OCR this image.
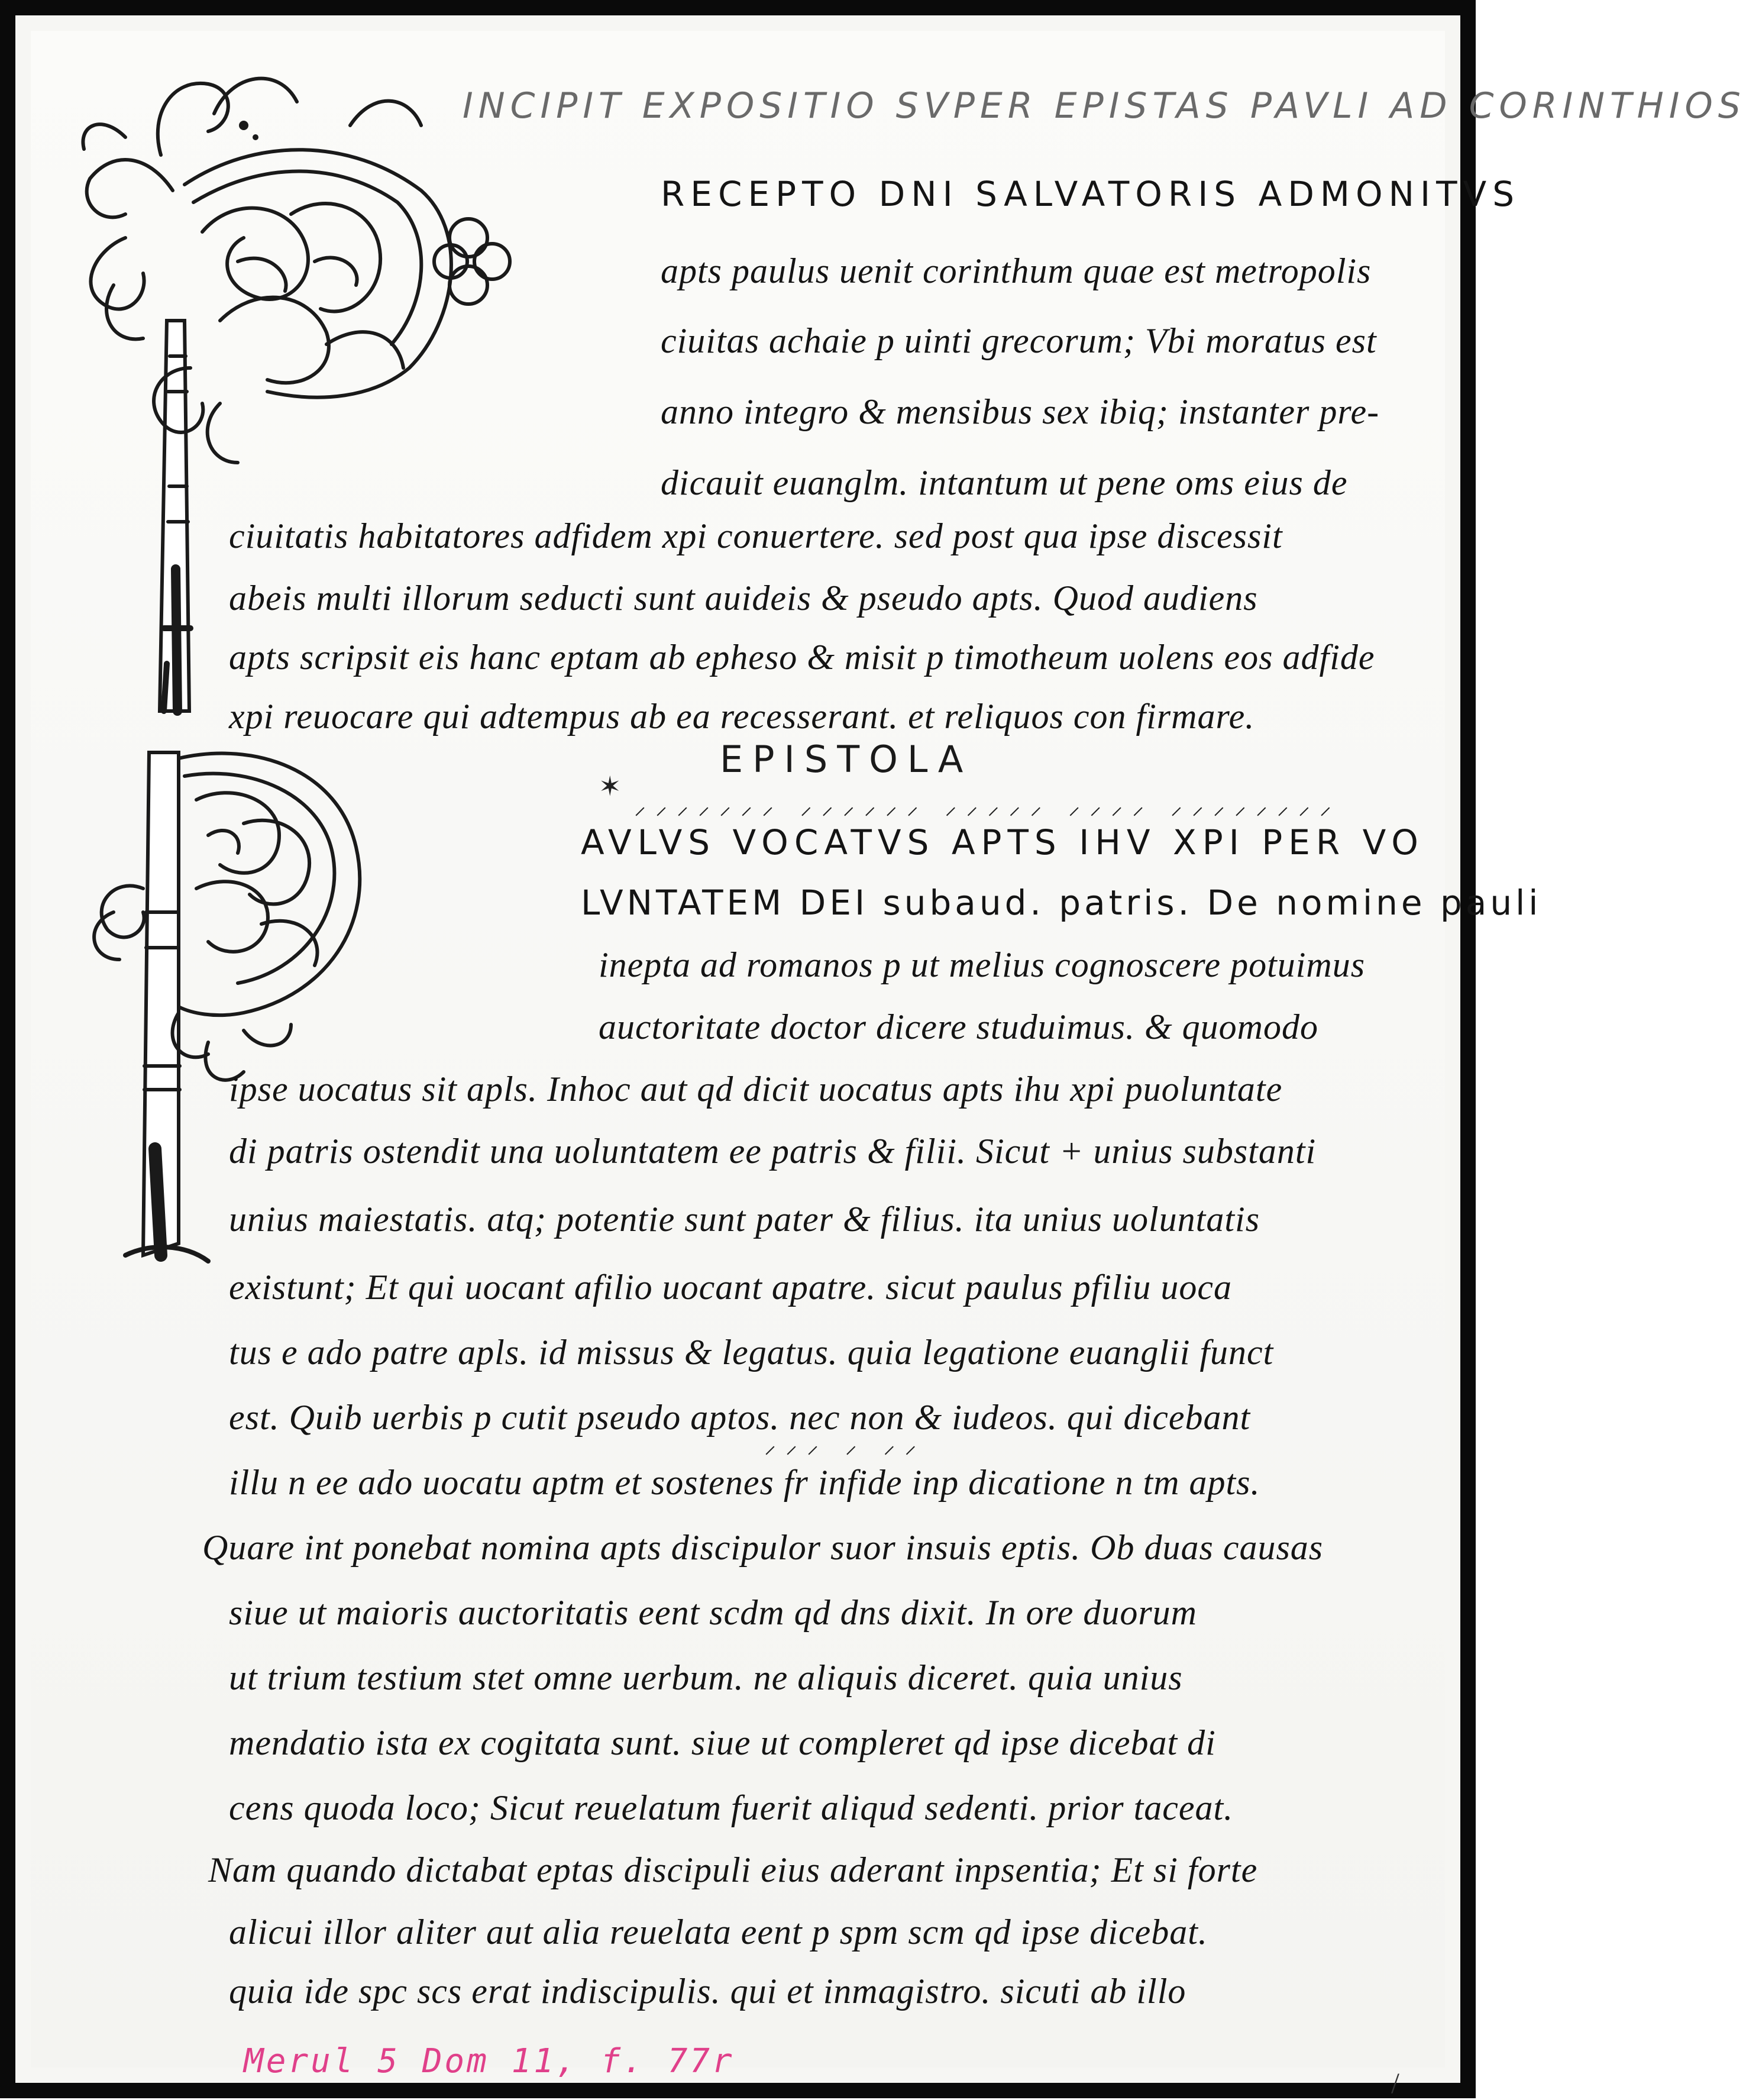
INCIPIT EXPOSITIO SVPER EPISTAS PAVLI AD CORINTHIOS
RECEPTO DNI SALVATORIS ADMONITVS
apts paulus uenit corinthum quae est metropolis
ciuitas achaie p uinti grecorum; Vbi moratus est
anno integro & mensibus sex ibiq; instanter pre-
dicauit euanglm. intantum ut pene oms eius de
ciuitatis habitatores adfidem xpi conuertere. sed post qua ipse discessit
abeis multi illorum seducti sunt auideis & pseudo apts. Quod audiens
apts scripsit eis hanc eptam ab epheso & misit p timotheum uolens eos adfide
xpi reuocare qui adtempus ab ea recesserant. et reliquos con firmare.
✶
EPISTOLA
⸍⸍⸍⸍⸍⸍⸍ ⸍⸍⸍⸍⸍⸍ ⸍⸍⸍⸍⸍ ⸍⸍⸍⸍ ⸍⸍⸍⸍⸍⸍⸍⸍
AVLVS VOCATVS APTS IHV XPI PER VO
LVNTATEM DEI subaud. patris. De nomine pauli
inepta ad romanos p ut melius cognoscere potuimus
auctoritate doctor dicere studuimus. & quomodo
ipse uocatus sit apls. Inhoc aut qd dicit uocatus apts ihu xpi puoluntate
di patris ostendit una uoluntatem ee patris & filii. Sicut + unius substanti
unius maiestatis. atq; potentie sunt pater & filius. ita unius uoluntatis
existunt; Et qui uocant afilio uocant apatre. sicut paulus pfiliu uoca
tus e ado patre apls. id missus & legatus. quia legatione euanglii funct
est. Quib uerbis p cutit pseudo aptos. nec non & iudeos. qui dicebant
⸍⸍⸍ ⸍ ⸍⸍
illu n ee ado uocatu aptm et sostenes fr infide inp dicatione n tm apts.
Quare int ponebat nomina apts discipulor suor insuis eptis. Ob duas causas
siue ut maioris auctoritatis eent scdm qd dns dixit. In ore duorum
ut trium testium stet omne uerbum. ne aliquis diceret. quia unius
mendatio ista ex cogitata sunt. siue ut compleret qd ipse dicebat di
cens quoda loco; Sicut reuelatum fuerit aliqud sedenti. prior taceat.
Nam quando dictabat eptas discipuli eius aderant inpsentia; Et si forte
alicui illor aliter aut alia reuelata eent p spm scm qd ipse dicebat.
quia ide spc scs erat indiscipulis. qui et inmagistro. sicuti ab illo
/
Merul 5 Dom 11, f. 77r
